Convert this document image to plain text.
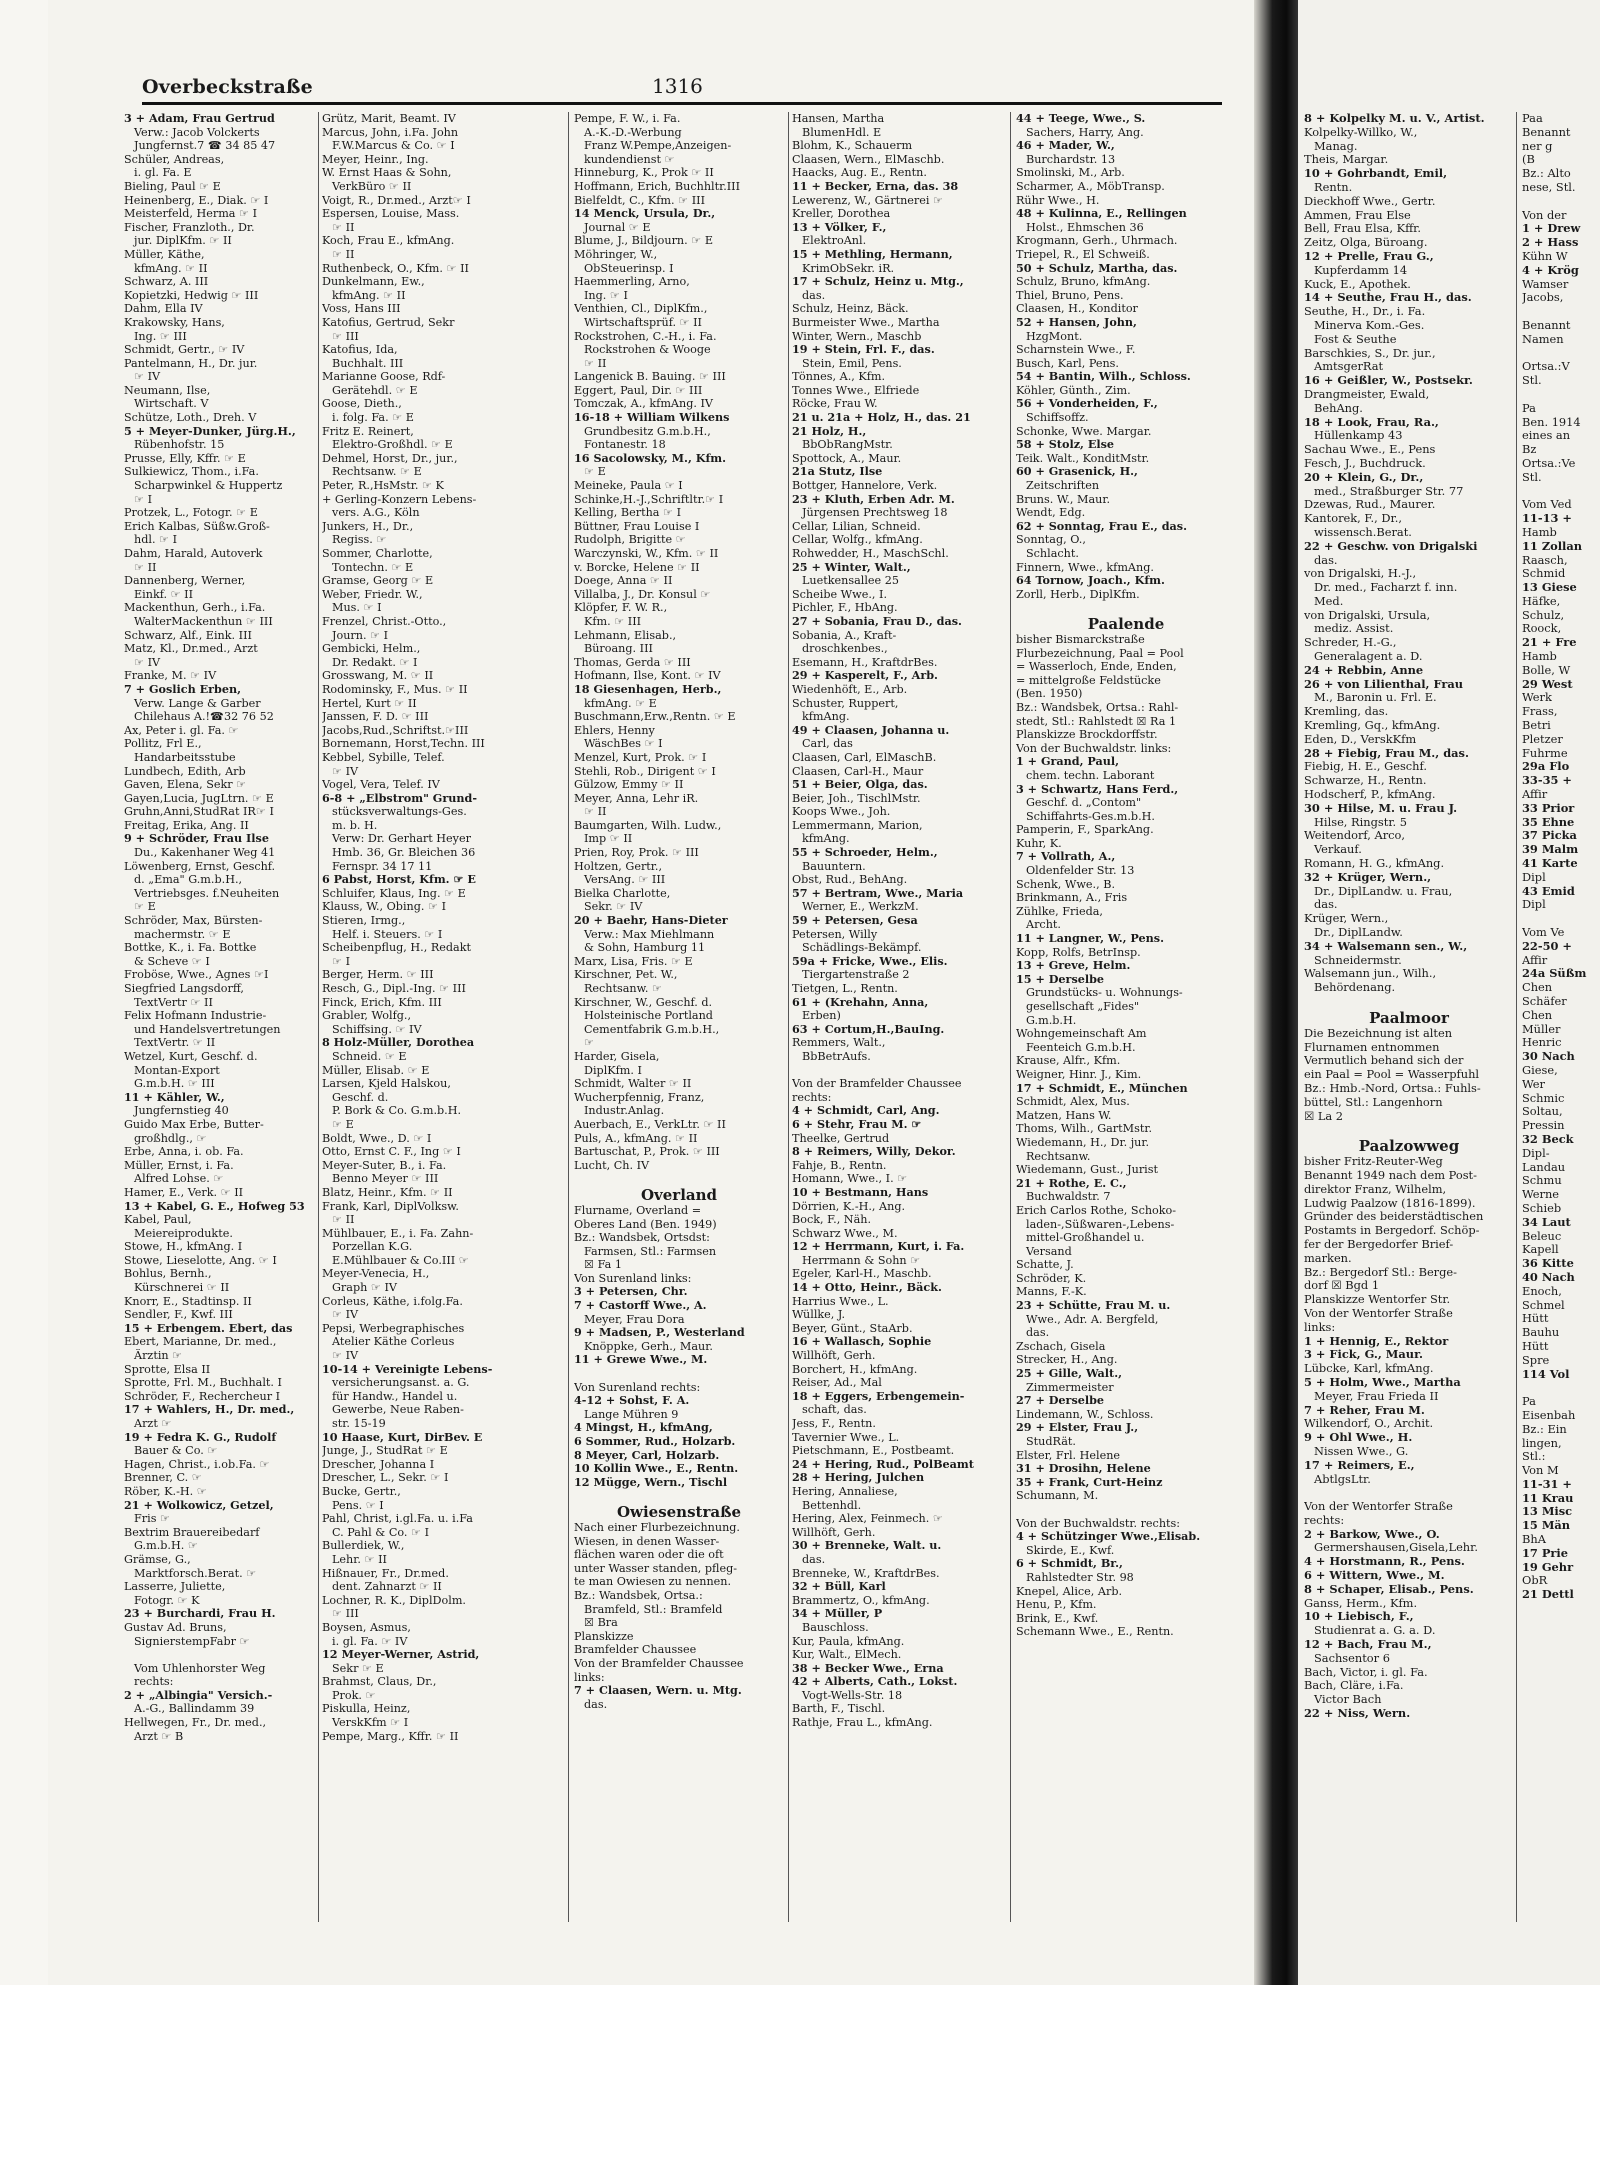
Overbeckstraße	1316
3 + Adam, Frau Gertrud
Verw.: Jacob Volckerts
Jungfernst.7 ☎ 34 85 47
Schüler, Andreas,
i. gl. Fa. E
Bieling, Paul ☞ E
Heinenberg, E., Diak. ☞ I
Meisterfeld, Herma ☞ I
Fischer, Franzloth., Dr.
jur. DiplKfm. ☞ II
Müller, Käthe,
kfmAng. ☞ II
Schwarz, A. III
Kopietzki, Hedwig ☞ III
Dahm, Ella IV
Krakowsky, Hans,
Ing. ☞ III
Schmidt, Gertr., ☞ IV
Pantelmann, H., Dr. jur.
☞ IV
Neumann, Ilse,
Wirtschaft. V
Schütze, Loth., Dreh. V
5 + Meyer-Dunker, Jürg.H.,
Rübenhofstr. 15
Prusse, Elly, Kffr. ☞ E
Sulkiewicz, Thom., i.Fa.
Scharpwinkel & Huppertz
☞ I
Protzek, L., Fotogr. ☞ E
Erich Kalbas, Süßw.Groß-
hdl. ☞ I
Dahm, Harald, Autoverk
☞ II
Dannenberg, Werner,
Einkf. ☞ II
Mackenthun, Gerh., i.Fa.
WalterMackenthun ☞ III
Schwarz, Alf., Eink. III
Matz, Kl., Dr.med., Arzt
☞ IV
Franke, M. ☞ IV
7 + Goslich Erben,
Verw. Lange & Garber
Chilehaus A.!☎32 76 52
Ax, Peter i. gl. Fa. ☞
Pollitz, Frl E.,
Handarbeitsstube
Lundbech, Edith, Arb
Gaven, Elena, Sekr ☞
Gayen,Lucia, JugLtrn. ☞ E
Gruhn,Anni,StudRat IR☞ I
Freitag, Erika, Ang. II
9 + Schröder, Frau Ilse
Du., Kakenhaner Weg 41
Löwenberg, Ernst, Geschf.
d. „Ema" G.m.b.H.,
Vertriebsges. f.Neuheiten
☞ E
Schröder, Max, Bürsten-
machermstr. ☞ E
Bottke, K., i. Fa. Bottke
& Scheve ☞ I
Froböse, Wwe., Agnes ☞I
Siegfried Langsdorff,
TextVertr ☞ II
Felix Hofmann Industrie-
und Handelsvertretungen
TextVertr. ☞ II
Wetzel, Kurt, Geschf. d.
Montan-Export
G.m.b.H. ☞ III
11 + Kähler, W.,
Jungfernstieg 40
Guido Max Erbe, Butter-
großhdlg., ☞
Erbe, Anna, i. ob. Fa.
Müller, Ernst, i. Fa.
Alfred Lohse. ☞
Hamer, E., Verk. ☞ II
13 + Kabel, G. E., Hofweg 53
Kabel, Paul,
Meiereiprodukte.
Stowe, H., kfmAng. I
Stowe, Lieselotte, Ang. ☞ I
Bohlus, Bernh.,
Kürschnerei ☞ II
Knorr, E., Stadtinsp. II
Sendler, F., Kwf. III
15 + Erbengem. Ebert, das
Ebert, Marianne, Dr. med.,
Ärztin ☞
Sprotte, Elsa II
Sprotte, Frl. M., Buchhalt. I
Schröder, F., Rechercheur I
17 + Wahlers, H., Dr. med.,
Arzt ☞
19 + Fedra K. G., Rudolf
Bauer & Co. ☞
Hagen, Christ., i.ob.Fa. ☞
Brenner, C. ☞
Röber, K.-H. ☞
21 + Wolkowicz, Getzel,
Fris ☞
Bextrim Brauereibedarf
G.m.b.H. ☞
Grämse, G.,
Marktforsch.Berat. ☞
Lasserre, Juliette,
Fotogr. ☞ K
23 + Burchardi, Frau H.
Gustav Ad. Bruns,
SignierstempFabr ☞

Vom Uhlenhorster Weg
rechts:
2 + „Albingia" Versich.-
A.-G., Ballindamm 39
Hellwegen, Fr., Dr. med.,
Arzt ☞ B
Grütz, Marit, Beamt. IV
Marcus, John, i.Fa. John
F.W.Marcus & Co. ☞ I
Meyer, Heinr., Ing.
W. Ernst Haas & Sohn,
VerkBüro ☞ II
Voigt, R., Dr.med., Arzt☞ I
Espersen, Louise, Mass.
☞ II
Koch, Frau E., kfmAng.
☞ II
Ruthenbeck, O., Kfm. ☞ II
Dunkelmann, Ew.,
kfmAng. ☞ II
Voss, Hans III
Katofius, Gertrud, Sekr
☞ III
Katofius, Ida,
Buchhalt. III
Marianne Goose, Rdf-
Gerätehdl. ☞ E
Goose, Dieth.,
i. folg. Fa. ☞ E
Fritz E. Reinert,
Elektro-Großhdl. ☞ E
Dehmel, Horst, Dr., jur.,
Rechtsanw. ☞ E
Peter, R.,HsMstr. ☞ K
+ Gerling-Konzern Lebens-
vers. A.G., Köln
Junkers, H., Dr.,
Regiss. ☞
Sommer, Charlotte,
Tontechn. ☞ E
Gramse, Georg ☞ E
Weber, Friedr. W.,
Mus. ☞ I
Frenzel, Christ.-Otto.,
Journ. ☞ I
Gembicki, Helm.,
Dr. Redakt. ☞ I
Grosswang, M. ☞ II
Rodominsky, F., Mus. ☞ II
Hertel, Kurt ☞ II
Janssen, F. D. ☞ III
Jacobs,Rud.,Schriftst.☞III
Bornemann, Horst,Techn. III
Kebbel, Sybille, Telef.
☞ IV
Vogel, Vera, Telef. IV
6-8 + „Elbstrom" Grund-
stücksverwaltungs-Ges.
m. b. H.
Verw: Dr. Gerhart Heyer
Hmb. 36, Gr. Bleichen 36
Fernspr. 34 17 11
6 Pabst, Horst, Kfm. ☞ E
Schluifer, Klaus, Ing. ☞ E
Klauss, W., Obing. ☞ I
Stieren, Irmg.,
Helf. i. Steuers. ☞ I
Scheibenpflug, H., Redakt
☞ I
Berger, Herm. ☞ III
Resch, G., Dipl.-Ing. ☞ III
Finck, Erich, Kfm. III
Grabler, Wolfg.,
Schiffsing. ☞ IV
8 Holz-Müller, Dorothea
Schneid. ☞ E
Müller, Elisab. ☞ E
Larsen, Kjeld Halskou,
Geschf. d.
P. Bork & Co. G.m.b.H.
☞ E
Boldt, Wwe., D. ☞ I
Otto, Ernst C. F., Ing ☞ I
Meyer-Suter, B., i. Fa.
Benno Meyer ☞ III
Blatz, Heinr., Kfm. ☞ II
Frank, Karl, DiplVolksw.
☞ II
Mühlbauer, E., i. Fa. Zahn-
Porzellan K.G.
E.Mühlbauer & Co.III ☞
Meyer-Venecia, H.,
Graph ☞ IV
Corleus, Käthe, i.folg.Fa.
☞ IV
Pepsi, Werbegraphisches
Atelier Käthe Corleus
☞ IV
10-14 + Vereinigte Lebens-
versicherungsanst. a. G.
für Handw., Handel u.
Gewerbe, Neue Raben-
str. 15-19
10 Haase, Kurt, DirBev. E
Junge, J., StudRat ☞ E
Drescher, Johanna I
Drescher, L., Sekr. ☞ I
Bucke, Gertr.,
Pens. ☞ I
Pahl, Christ, i.gl.Fa. u. i.Fa
C. Pahl & Co. ☞ I
Bullerdiek, W.,
Lehr. ☞ II
Hißnauer, Fr., Dr.med.
dent. Zahnarzt ☞ II
Lochner, R. K., DiplDolm.
☞ III
Boysen, Asmus,
i. gl. Fa. ☞ IV
12 Meyer-Werner, Astrid,
Sekr ☞ E
Brahmst, Claus, Dr.,
Prok. ☞
Piskulla, Heinz,
VerskKfm ☞ I
Pempe, Marg., Kffr. ☞ II
Pempe, F. W., i. Fa.
A.-K.-D.-Werbung
Franz W.Pempe,Anzeigen-
kundendienst ☞
Hinneburg, K., Prok ☞ II
Hoffmann, Erich, Buchhltr.III
Bielfeldt, C., Kfm. ☞ III
14 Menck, Ursula, Dr.,
Journal ☞ E
Blume, J., Bildjourn. ☞ E
Möhringer, W.,
ObSteuerinsp. I
Haemmerling, Arno,
Ing. ☞ I
Venthien, Cl., DiplKfm.,
Wirtschaftsprüf. ☞ II
Rockstrohen, C.-H., i. Fa.
Rockstrohen & Wooge
☞ II
Langenick B. Bauing. ☞ III
Eggert, Paul, Dir. ☞ III
Tomczak, A., kfmAng. IV
16-18 + William Wilkens
Grundbesitz G.m.b.H.,
Fontanestr. 18
16 Sacolowsky, M., Kfm.
☞ E
Meineke, Paula ☞ I
Schinke,H.-J.,Schriftltr.☞ I
Kelling, Bertha ☞ I
Büttner, Frau Louise I
Rudolph, Brigitte ☞
Warczynski, W., Kfm. ☞ II
v. Borcke, Helene ☞ II
Doege, Anna ☞ II
Villalba, J., Dr. Konsul ☞
Klöpfer, F. W. R.,
Kfm. ☞ III
Lehmann, Elisab.,
Büroang. III
Thomas, Gerda ☞ III
Hofmann, Ilse, Kont. ☞ IV
18 Giesenhagen, Herb.,
kfmAng. ☞ E
Buschmann,Erw.,Rentn. ☞ E
Ehlers, Henny
WäschBes ☞ I
Menzel, Kurt, Prok. ☞ I
Stehli, Rob., Dirigent ☞ I
Gülzow, Emmy ☞ II
Meyer, Anna, Lehr iR.
☞ II
Baumgarten, Wilh. Ludw.,
Imp ☞ II
Prien, Roy, Prok. ☞ III
Holtzen, Gertr.,
VersAng. ☞ III
Bielka Charlotte,
Sekr. ☞ IV
20 + Baehr, Hans-Dieter
Verw.: Max Miehlmann
& Sohn, Hamburg 11
Marx, Lisa, Fris. ☞ E
Kirschner, Pet. W.,
Rechtsanw. ☞
Kirschner, W., Geschf. d.
Holsteinische Portland
Cementfabrik G.m.b.H.,
☞
Harder, Gisela,
DiplKfm. I
Schmidt, Walter ☞ II
Wucherpfennig, Franz,
Industr.Anlag.
Auerbach, E., VerkLtr. ☞ II
Puls, A., kfmAng. ☞ II
Bartuschat, P., Prok. ☞ III
Lucht, Ch. IV

Overland
Flurname, Overland =
Oberes Land (Ben. 1949)
Bz.: Wandsbek, Ortsdst:
Farmsen, Stl.: Farmsen
☒ Fa 1
Von Surenland links:
3 + Petersen, Chr.
7 + Castorff Wwe., A.
Meyer, Frau Dora
9 + Madsen, P., Westerland
Knöppke, Gerh., Maur.
11 + Grewe Wwe., M.

Von Surenland rechts:
4-12 + Sohst, F. A.
Lange Mühren 9
4 Mingst, H., kfmAng,
6 Sommer, Rud., Holzarb.
8 Meyer, Carl, Holzarb.
10 Kollin Wwe., E., Rentn.
12 Mügge, Wern., Tischl

Owiesenstraße
Nach einer Flurbezeichnung.
Wiesen, in denen Wasser-
flächen waren oder die oft
unter Wasser standen, pfleg-
te man Owiesen zu nennen.
Bz.: Wandsbek, Ortsa.:
Bramfeld, Stl.: Bramfeld
☒ Bra
Planskizze
Bramfelder Chaussee
Von der Bramfelder Chaussee
links:
7 + Claasen, Wern. u. Mtg.
das.
Hansen, Martha
BlumenHdl. E
Blohm, K., Schauerm
Claasen, Wern., ElMaschb.
Haacks, Aug. E., Rentn.
11 + Becker, Erna, das. 38
Lewerenz, W., Gärtnerei ☞
Kreller, Dorothea
13 + Völker, F.,
ElektroAnl.
15 + Methling, Hermann,
KrimObSekr. iR.
17 + Schulz, Heinz u. Mtg.,
das.
Schulz, Heinz, Bäck.
Burmeister Wwe., Martha
Winter, Wern., Maschb
19 + Stein, Frl. F., das.
Stein, Emil, Pens.
Tönnes, A., Kfm.
Tonnes Wwe., Elfriede
Röcke, Frau W.
21 u. 21a + Holz, H., das. 21
21 Holz, H.,
BbObRangMstr.
Spottock, A., Maur.
21a Stutz, Ilse
Bottger, Hannelore, Verk.
23 + Kluth, Erben Adr. M.
Jürgensen Prechtsweg 18
Cellar, Lilian, Schneid.
Cellar, Wolfg., kfmAng.
Rohwedder, H., MaschSchl.
25 + Winter, Walt.,
Luetkensallee 25
Scheibe Wwe., I.
Pichler, F., HbAng.
27 + Sobania, Frau D., das.
Sobania, A., Kraft-
droschkenbes.,
Esemann, H., KraftdrBes.
29 + Kasperelt, F., Arb.
Wiedenhöft, E., Arb.
Schuster, Ruppert,
kfmAng.
49 + Claasen, Johanna u.
Carl, das
Claasen, Carl, ElMaschB.
Claasen, Carl-H., Maur
51 + Beier, Olga, das.
Beier, Joh., TischlMstr.
Koops Wwe., Joh.
Lemmermann, Marion,
kfmAng.
55 + Schroeder, Helm.,
Bauuntern.
Obst, Rud., BehAng.
57 + Bertram, Wwe., Maria
Werner, E., WerkzM.
59 + Petersen, Gesa
Petersen, Willy
Schädlings-Bekämpf.
59a + Fricke, Wwe., Elis.
Tiergartenstraße 2
Tietgen, L., Rentn.
61 + (Krehahn, Anna,
Erben)
63 + Cortum,H.,BauIng.
Remmers, Walt.,
BbBetrAufs.

Von der Bramfelder Chaussee
rechts:
4 + Schmidt, Carl, Ang.
6 + Stehr, Frau M. ☞
Theelke, Gertrud
8 + Reimers, Willy, Dekor.
Fahje, B., Rentn.
Homann, Wwe., I. ☞
10 + Bestmann, Hans
Dörrien, K.-H., Ang.
Bock, F., Näh.
Schwarz Wwe., M.
12 + Herrmann, Kurt, i. Fa.
Herrmann & Sohn ☞
Egeler, Karl-H., Maschb.
14 + Otto, Heinr., Bäck.
Harrius Wwe., L.
Wüllke, J.
Beyer, Günt., StaArb.
16 + Wallasch, Sophie
Willhöft, Gerh.
Borchert, H., kfmAng.
Reiser, Ad., Mal
18 + Eggers, Erbengemein-
schaft, das.
Jess, F., Rentn.
Tavernier Wwe., L.
Pietschmann, E., Postbeamt.
24 + Hering, Rud., PolBeamt
28 + Hering, Julchen
Hering, Annaliese,
Bettenhdl.
Hering, Alex, Feinmech. ☞
Willhöft, Gerh.
30 + Brenneke, Walt. u.
das.
Brenneke, W., KraftdrBes.
32 + Büll, Karl
Brammertz, O., kfmAng.
34 + Müller, P
Bauschloss.
Kur, Paula, kfmAng.
Kur, Walt., ElMech.
38 + Becker Wwe., Erna
42 + Alberts, Cath., Lokst.
Vogt-Wells-Str. 18
Barth, F., Tischl.
Rathje, Frau L., kfmAng.
44 + Teege, Wwe., S.
Sachers, Harry, Ang.
46 + Mader, W.,
Burchardstr. 13
Smolinski, M., Arb.
Scharmer, A., MöbTransp.
Rühr Wwe., H.
48 + Kulinna, E., Rellingen
Holst., Ehmschen 36
Krogmann, Gerh., Uhrmach.
Triepel, R., El Schweiß.
50 + Schulz, Martha, das.
Schulz, Bruno, kfmAng.
Thiel, Bruno, Pens.
Claasen, H., Konditor
52 + Hansen, John,
HzgMont.
Scharnstein Wwe., F.
Busch, Karl, Pens.
54 + Bantin, Wilh., Schloss.
Köhler, Günth., Zim.
56 + Vonderheiden, F.,
Schiffsoffz.
Schonke, Wwe. Margar.
58 + Stolz, Else
Teik. Walt., KonditMstr.
60 + Grasenick, H.,
Zeitschriften
Bruns. W., Maur.
Wendt, Edg.
62 + Sonntag, Frau E., das.
Sonntag, O.,
Schlacht.
Finnern, Wwe., kfmAng.
64 Tornow, Joach., Kfm.
Zorll, Herb., DiplKfm.

Paalende
bisher Bismarckstraße
Flurbezeichnung, Paal = Pool
= Wasserloch, Ende, Enden,
= mittelgroße Feldstücke
(Ben. 1950)
Bz.: Wandsbek, Ortsa.: Rahl-
stedt, Stl.: Rahlstedt ☒ Ra 1
Planskizze Brockdorffstr.
Von der Buchwaldstr. links:
1 + Grand, Paul,
chem. techn. Laborant
3 + Schwartz, Hans Ferd.,
Geschf. d. „Contom"
Schiffahrts-Ges.m.b.H.
Pamperin, F., SparkAng.
Kuhr, K.
7 + Vollrath, A.,
Oldenfelder Str. 13
Schenk, Wwe., B.
Brinkmann, A., Fris
Zühlke, Frieda,
Archt.
11 + Langner, W., Pens.
Kopp, Rolfs, BetrInsp.
13 + Greve, Helm.
15 + Derselbe
Grundstücks- u. Wohnungs-
gesellschaft „Fides"
G.m.b.H.
Wohngemeinschaft Am
Feenteich G.m.b.H.
Krause, Alfr., Kfm.
Weigner, Hinr. J., Kim.
17 + Schmidt, E., München
Schmidt, Alex, Mus.
Matzen, Hans W.
Thoms, Wilh., GartMstr.
Wiedemann, H., Dr. jur.
Rechtsanw.
Wiedemann, Gust., Jurist
21 + Rothe, E. C.,
Buchwaldstr. 7
Erich Carlos Rothe, Schoko-
laden-,Süßwaren-,Lebens-
mittel-Großhandel u.
Versand
Schatte, J.
Schröder, K.
Manns, F.-K.
23 + Schütte, Frau M. u.
Wwe., Adr. A. Bergfeld,
das.
Zschach, Gisela
Strecker, H., Ang.
25 + Gille, Walt.,
Zimmermeister
27 + Derselbe
Lindemann, W., Schloss.
29 + Elster, Frau J.,
StudRät.
Elster, Frl. Helene
31 + Drosihn, Helene
35 + Frank, Curt-Heinz
Schumann, M.

Von der Buchwaldstr. rechts:
4 + Schützinger Wwe.,Elisab.
Skirde, E., Kwf.
6 + Schmidt, Br.,
Rahlstedter Str. 98
Knepel, Alice, Arb.
Henu, P., Kfm.
Brink, E., Kwf.
Schemann Wwe., E., Rentn.
8 + Kolpelky M. u. V., Artist.
Kolpelky-Willko, W.,
Manag.
Theis, Margar.
10 + Gohrbandt, Emil,
Rentn.
Dieckhoff Wwe., Gertr.
Ammen, Frau Else
Bell, Frau Elsa, Kffr.
Zeitz, Olga, Büroang.
12 + Prelle, Frau G.,
Kupferdamm 14
Kuck, E., Apothek.
14 + Seuthe, Frau H., das.
Seuthe, H., Dr., i. Fa.
Minerva Kom.-Ges.
Fost & Seuthe
Barschkies, S., Dr. jur.,
AmtsgerRat
16 + Geißler, W., Postsekr.
Drangmeister, Ewald,
BehAng.
18 + Look, Frau, Ra.,
Hüllenkamp 43
Sachau Wwe., E., Pens
Fesch, J., Buchdruck.
20 + Klein, G., Dr.,
med., Straßburger Str. 77
Dzewas, Rud., Maurer.
Kantorek, F., Dr.,
wissensch.Berat.
22 + Geschw. von Drigalski
das.
von Drigalski, H.-J.,
Dr. med., Facharzt f. inn.
Med.
von Drigalski, Ursula,
mediz. Assist.
Schreder, H.-G.,
Generalagent a. D.
24 + Rebbin, Anne
26 + von Lilienthal, Frau
M., Baronin u. Frl. E.
Kremling, das.
Kremling, Gq., kfmAng.
Eden, D., VerskKfm
28 + Fiebig, Frau M., das.
Fiebig, H. E., Geschf.
Schwarze, H., Rentn.
Hodscherf, P., kfmAng.
30 + Hilse, M. u. Frau J.
Hilse, Ringstr. 5
Weitendorf, Arco,
Verkauf.
Romann, H. G., kfmAng.
32 + Krüger, Wern.,
Dr., DiplLandw. u. Frau,
das.
Krüger, Wern.,
Dr., DiplLandw.
34 + Walsemann sen., W.,
Schneidermstr.
Walsemann jun., Wilh.,
Behördenang.

Paalmoor
Die Bezeichnung ist alten
Flurnamen entnommen
Vermutlich behand sich der
ein Paal = Pool = Wasserpfuhl
Bz.: Hmb.-Nord, Ortsa.: Fuhls-
büttel, Stl.: Langenhorn
☒ La 2

Paalzowweg
bisher Fritz-Reuter-Weg
Benannt 1949 nach dem Post-
direktor Franz, Wilhelm,
Ludwig Paalzow (1816-1899).
Gründer des beiderstädtischen
Postamts in Bergedorf. Schöp-
fer der Bergedorfer Brief-
marken.
Bz.: Bergedorf Stl.: Berge-
dorf ☒ Bgd 1
Planskizze Wentorfer Str.
Von der Wentorfer Straße
links:
1 + Hennig, E., Rektor
3 + Fick, G., Maur.
Lübcke, Karl, kfmAng.
5 + Holm, Wwe., Martha
Meyer, Frau Frieda II
7 + Reher, Frau M.
Wilkendorf, O., Archit.
9 + Ohl Wwe., H.
Nissen Wwe., G.
17 + Reimers, E.,
AbtlgsLtr.

Von der Wentorfer Straße
rechts:
2 + Barkow, Wwe., O.
Germershausen,Gisela,Lehr.
4 + Horstmann, R., Pens.
6 + Wittern, Wwe., M.
8 + Schaper, Elisab., Pens.
Ganss, Herm., Kfm.
10 + Liebisch, F.,
Studienrat a. G. a. D.
12 + Bach, Frau M.,
Sachsentor 6
Bach, Victor, i. gl. Fa.
Bach, Cläre, i.Fa.
Victor Bach
22 + Niss, Wern.
Paa
Benannt
ner g
(B
Bz.: Alto
nese, Stl.

Von der
1 + Drew
2 + Hass
Kühn W
4 + Krög
Wamser
Jacobs,

Benannt
Namen

Ortsa.:V
Stl.

Pa
Ben. 1914
eines an
Bz
Ortsa.:Ve
Stl.

Vom Ved
11-13 +
Hamb
11 Zollan
Raasch,
Schmid
13 Giese
Häfke,
Schulz,
Roock,
21 + Fre
Hamb
Bolle, W
29 West
Werk
Frass,
Betri
Pletzer
Fuhrme
29a Flo
33-35 +
Affir
33 Prior
35 Ehne
37 Picka
39 Malm
41 Karte
Dipl
43 Emid
Dipl

Vom Ve
22-50 +
Affir
24a Süßm
Chen
Schäfer
Chen
Müller
Henric
30 Nach
Giese,
Wer
Schmic
Soltau,
Pressin
32 Beck
Dipl-
Landau
Schmu
Werne
Schieb
34 Laut
Beleuc
Kapell
36 Kitte
40 Nach
Enoch,
Schmel
Hütt
Bauhu
Hütt
Spre
114 Vol

Pa
Eisenbah
Bz.: Ein
lingen,
Stl.:
Von M
11-31 +
11 Krau
13 Misc
15 Män
BhA
17 Prie
19 Gehr
ObR
21 Dettl
